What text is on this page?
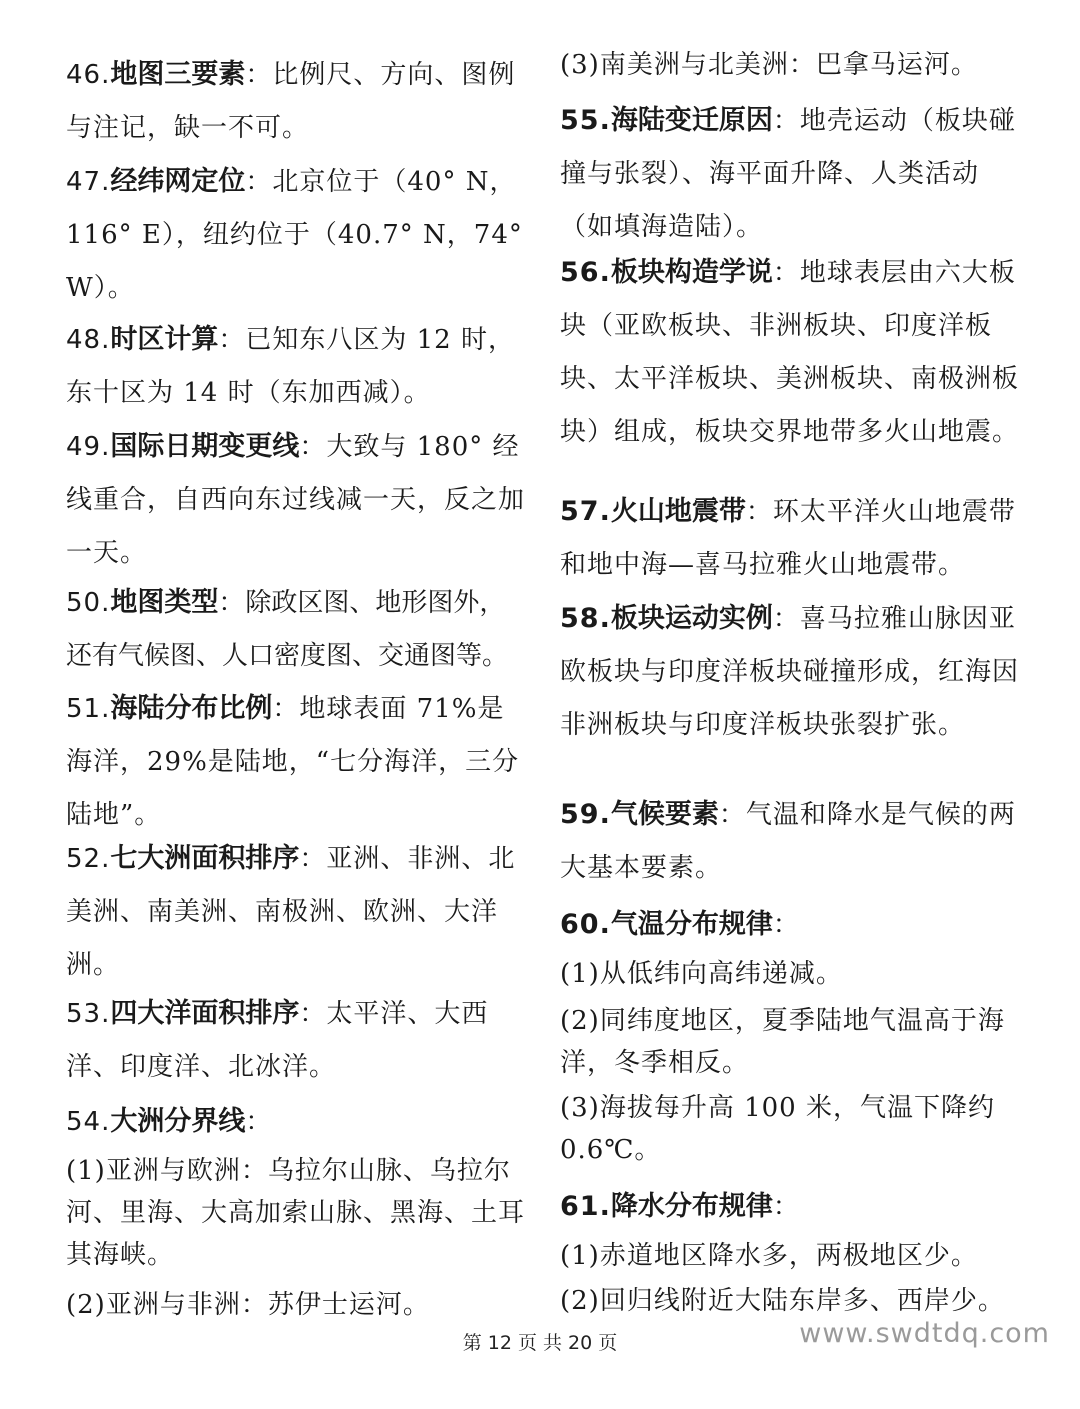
46.地图三要素：比例尺、方向、图例与注记，缺一不可。
47.经纬网定位：北京位于（40° N，116° E），纽约位于（40.7° N，74° W）。
48.时区计算：已知东八区为 12 时，东十区为 14 时（东加西减）。
49.国际日期变更线：大致与 180° 经线重合，自西向东过线减一天，反之加一天。
50.地图类型：除政区图、地形图外，还有气候图、人口密度图、交通图等。
51.海陆分布比例：地球表面 71%是海洋，29%是陆地，“七分海洋，三分陆地”。
52.七大洲面积排序：亚洲、非洲、北美洲、南美洲、南极洲、欧洲、大洋洲。
53.四大洋面积排序：太平洋、大西洋、印度洋、北冰洋。
54.大洲分界线：
(1)亚洲与欧洲：乌拉尔山脉、乌拉尔河、里海、大高加索山脉、黑海、土耳其海峡。
(2)亚洲与非洲：苏伊士运河。
(3)南美洲与北美洲：巴拿马运河。
55.海陆变迁原因：地壳运动（板块碰撞与张裂）、海平面升降、人类活动（如填海造陆）。
56.板块构造学说：地球表层由六大板块（亚欧板块、非洲板块、印度洋板块、太平洋板块、美洲板块、南极洲板块）组成，板块交界地带多火山地震。
57.火山地震带：环太平洋火山地震带和地中海—喜马拉雅火山地震带。
58.板块运动实例：喜马拉雅山脉因亚欧板块与印度洋板块碰撞形成，红海因非洲板块与印度洋板块张裂扩张。
59.气候要素：气温和降水是气候的两大基本要素。
60.气温分布规律：
(1)从低纬向高纬递减。
(2)同纬度地区，夏季陆地气温高于海洋，冬季相反。
(3)海拔每升高 100 米，气温下降约 0.6℃。
61.降水分布规律：
(1)赤道地区降水多，两极地区少。
(2)回归线附近大陆东岸多、西岸少。
第 12 页 共 20 页	www.swdtdq.com
